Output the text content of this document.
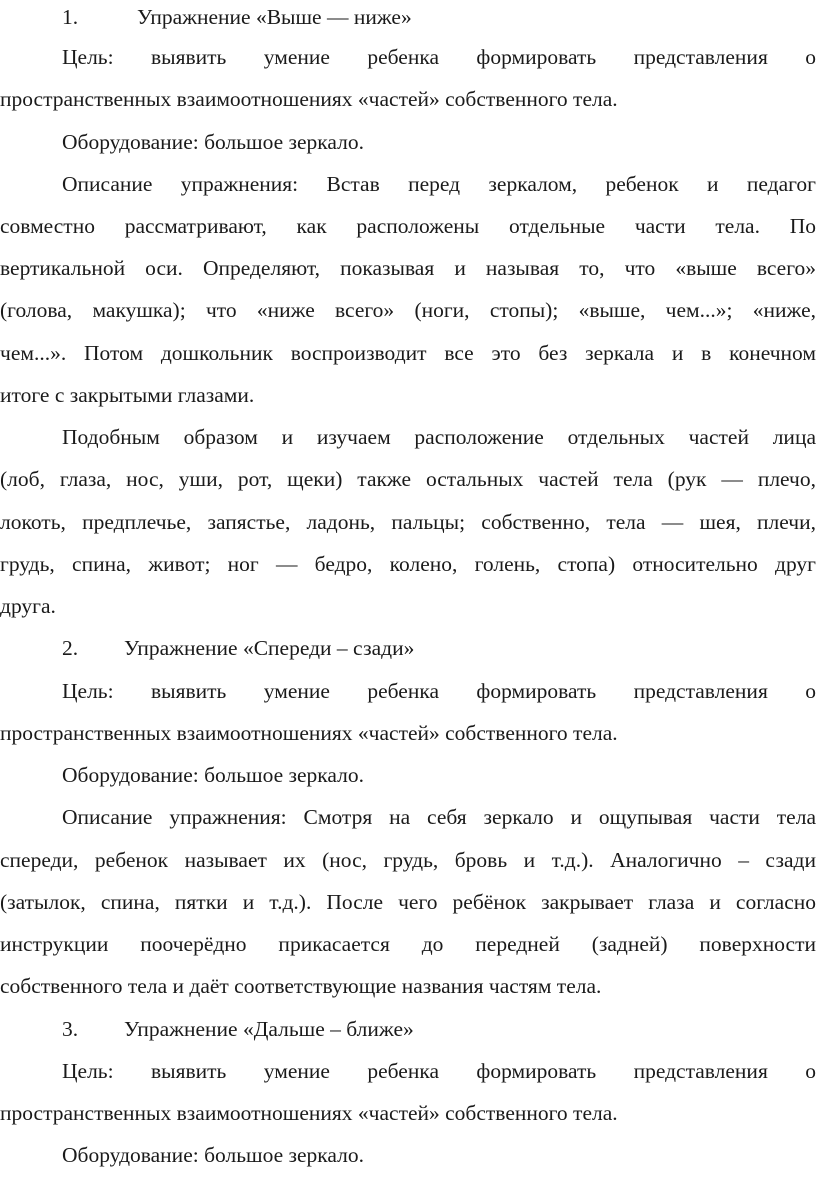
1.	Упражнение «Выше — ниже»
Цель: выявить умение ребенка формировать представления о
пространственных взаимоотношениях «частей» собственного тела.
Оборудование: большое зеркало.
Описание упражнения: Встав перед зеркалом, ребенок и педагог
совместно рассматривают, как расположены отдельные части тела. По
вертикальной оси. Определяют, показывая и называя то, что «выше всего»
(голова, макушка); что «ниже всего» (ноги, стопы); «выше, чем...»; «ниже,
чем...». Потом дошкольник воспроизводит все это без зеркала и в конечном
итоге с закрытыми глазами.
Подобным образом и изучаем расположение отдельных частей лица
(лоб, глаза, нос, уши, рот, щеки) также остальных частей тела (рук — плечо,
локоть, предплечье, запястье, ладонь, пальцы; собственно, тела — шея, плечи,
грудь, спина, живот; ног — бедро, колено, голень, стопа) относительно друг
друга.
2. Упражнение «Спереди – сзади»
Цель: выявить умение ребенка формировать представления о
пространственных взаимоотношениях «частей» собственного тела.
Оборудование: большое зеркало.
Описание упражнения: Смотря на себя зеркало и ощупывая части тела
спереди, ребенок называет их (нос, грудь, бровь и т.д.). Аналогично – сзади
(затылок, спина, пятки и т.д.). После чего ребёнок закрывает глаза и согласно
инструкции поочерёдно прикасается до передней (задней) поверхности
собственного тела и даёт соответствующие названия частям тела.
3. Упражнение «Дальше – ближе»
Цель: выявить умение ребенка формировать представления о
пространственных взаимоотношениях «частей» собственного тела.
Оборудование: большое зеркало.
